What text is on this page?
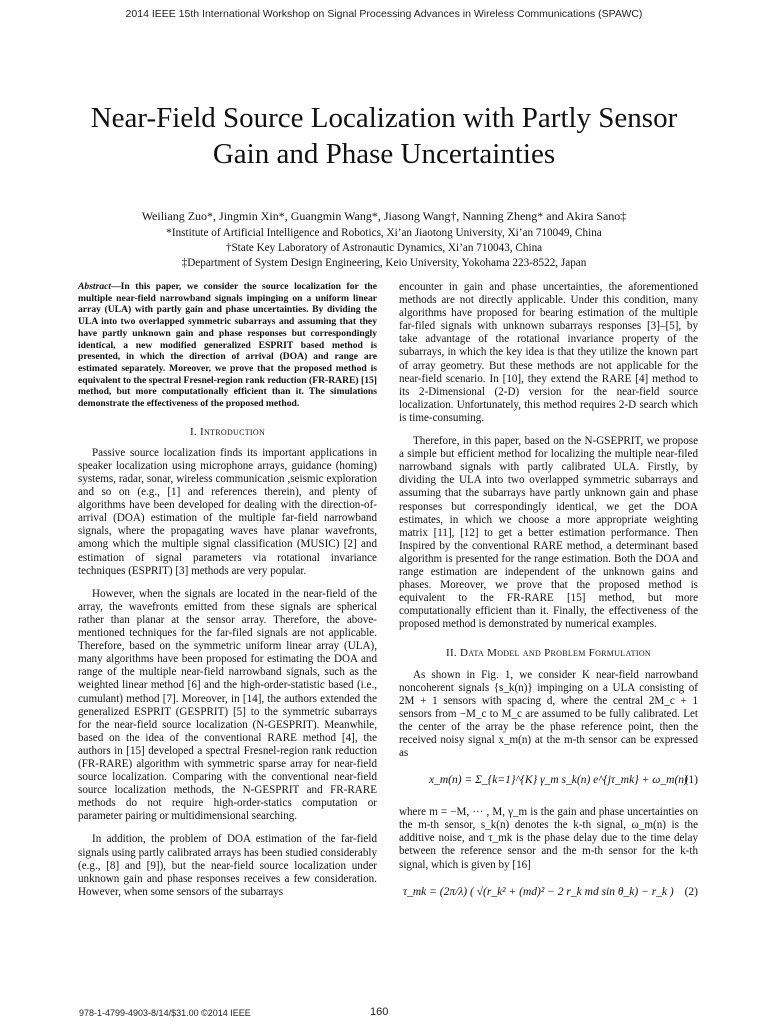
2014 IEEE 15th International Workshop on Signal Processing Advances in Wireless Communications (SPAWC)
Near-Field Source Localization with Partly Sensor
Gain and Phase Uncertainties
Weiliang Zuo*, Jingmin Xin*, Guangmin Wang*, Jiasong Wang†, Nanning Zheng* and Akira Sano‡
*Institute of Artificial Intelligence and Robotics, Xi’an Jiaotong University, Xi’an 710049, China
†State Key Laboratory of Astronautic Dynamics, Xi’an 710043, China
‡Department of System Design Engineering, Keio University, Yokohama 223-8522, Japan

Abstract—In this paper, we consider the source localization for the multiple near-field narrowband signals impinging on a uniform linear array (ULA) with partly gain and phase uncertainties. By dividing the ULA into two overlapped symmetric subarrays and assuming that they have partly unknown gain and phase responses but correspondingly identical, a new modified generalized ESPRIT based method is presented, in which the direction of arrival (DOA) and range are estimated separately. Moreover, we prove that the proposed method is equivalent to the spectral Fresnel-region rank reduction (FR-RARE) [15] method, but more computationally efficient than it. The simulations demonstrate the effectiveness of the proposed method.

I. Introduction

Passive source localization finds its important applications in speaker localization using microphone arrays, guidance (homing) systems, radar, sonar, wireless communication ,seismic exploration and so on (e.g., [1] and references therein), and plenty of algorithms have been developed for dealing with the direction-of-arrival (DOA) estimation of the multiple far-field narrowband signals, where the propagating waves have planar wavefronts, among which the multiple signal classification (MUSIC) [2] and estimation of signal parameters via rotational invariance techniques (ESPRIT) [3] methods are very popular.

However, when the signals are located in the near-field of the array, the wavefronts emitted from these signals are spherical rather than planar at the sensor array. Therefore, the above-mentioned techniques for the far-filed signals are not applicable. Therefore, based on the symmetric uniform linear array (ULA), many algorithms have been proposed for estimating the DOA and range of the multiple near-field narrowband signals, such as the weighted linear method [6] and the high-order-statistic based (i.e., cumulant) method [7]. Moreover, in [14], the authors extended the generalized ESPRIT (GESPRIT) [5] to the symmetric subarrays for the near-field source localization (N-GESPRIT). Meanwhile, based on the idea of the conventional RARE method [4], the authors in [15] developed a spectral Fresnel-region rank reduction (FR-RARE) algorithm with symmetric sparse array for near-field source localization. Comparing with the conventional near-field source localization methods, the N-GESPRIT and FR-RARE methods do not require high-order-statics computation or parameter pairing or multidimensional searching.

In addition, the problem of DOA estimation of the far-field signals using partly calibrated arrays has been studied considerably (e.g., [8] and [9]), but the near-field source localization under unknown gain and phase responses receives a few consideration. However, when some sensors of the subarrays

encounter in gain and phase uncertainties, the aforementioned methods are not directly applicable. Under this condition, many algorithms have proposed for bearing estimation of the multiple far-filed signals with unknown subarrays responses [3]–[5], by take advantage of the rotational invariance property of the subarrays, in which the key idea is that they utilize the known part of array geometry. But these methods are not applicable for the near-field scenario. In [10], they extend the RARE [4] method to its 2-Dimensional (2-D) version for the near-field source localization. Unfortunately, this method requires 2-D search which is time-consuming.

Therefore, in this paper, based on the N-GSEPRIT, we propose a simple but efficient method for localizing the multiple near-filed narrowband signals with partly calibrated ULA. Firstly, by dividing the ULA into two overlapped symmetric subarrays and assuming that the subarrays have partly unknown gain and phase responses but correspondingly identical, we get the DOA estimates, in which we choose a more appropriate weighting matrix [11], [12] to get a better estimation performance. Then Inspired by the conventional RARE method, a determinant based algorithm is presented for the range estimation. Both the DOA and range estimation are independent of the unknown gains and phases. Moreover, we prove that the proposed method is equivalent to the FR-RARE [15] method, but more computationally efficient than it. Finally, the effectiveness of the proposed method is demonstrated by numerical examples.

II. Data Model and Problem Formulation

As shown in Fig. 1, we consider K near-field narrowband noncoherent signals {s_k(n)} impinging on a ULA consisting of 2M + 1 sensors with spacing d, where the central 2M_c + 1 sensors from −M_c to M_c are assumed to be fully calibrated. Let the center of the array be the phase reference point, then the received noisy signal x_m(n) at the m-th sensor can be expressed as

x_m(n) = Σ_{k=1}^{K} γ_m s_k(n) e^{jτ_mk} + ω_m(n)
(1)

where m = −M, ··· , M, γ_m is the gain and phase uncertainties on the m-th sensor, s_k(n) denotes the k-th signal, ω_m(n) is the additive noise, and τ_mk is the phase delay due to the time delay between the reference sensor and the m-th sensor for the k-th signal, which is given by [16]

τ_mk = (2π/λ) ( √(r_k² + (md)² − 2 r_k md sin θ_k) − r_k ) (2)
978-1-4799-4903-8/14/$31.00 ©2014 IEEE	160
